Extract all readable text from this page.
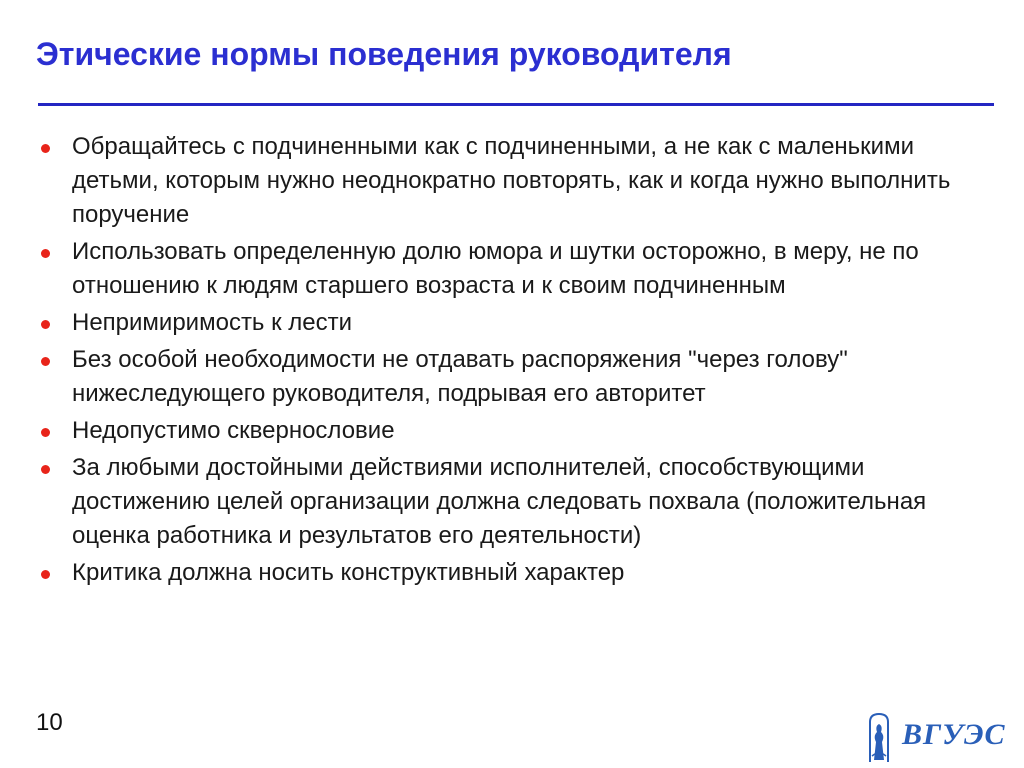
Этические нормы поведения руководителя
Обращайтесь с подчиненными как с подчиненными, а не как с маленькими детьми, которым нужно неоднократно повторять, как и когда нужно выполнить поручение
Использовать определенную долю юмора и шутки осторожно, в меру, не по отношению к людям старшего возраста и к своим подчиненным
Непримиримость к лести
Без особой необходимости не отдавать распоряжения "через голову" нижеследующего руководителя, подрывая его авторитет
Недопустимо сквернословие
За любыми достойными действиями исполнителей, способствующими достижению целей организации должна следовать похвала (положительная оценка работника и результатов его деятельности)
Критика должна носить конструктивный характер
10	ВГУЭС
